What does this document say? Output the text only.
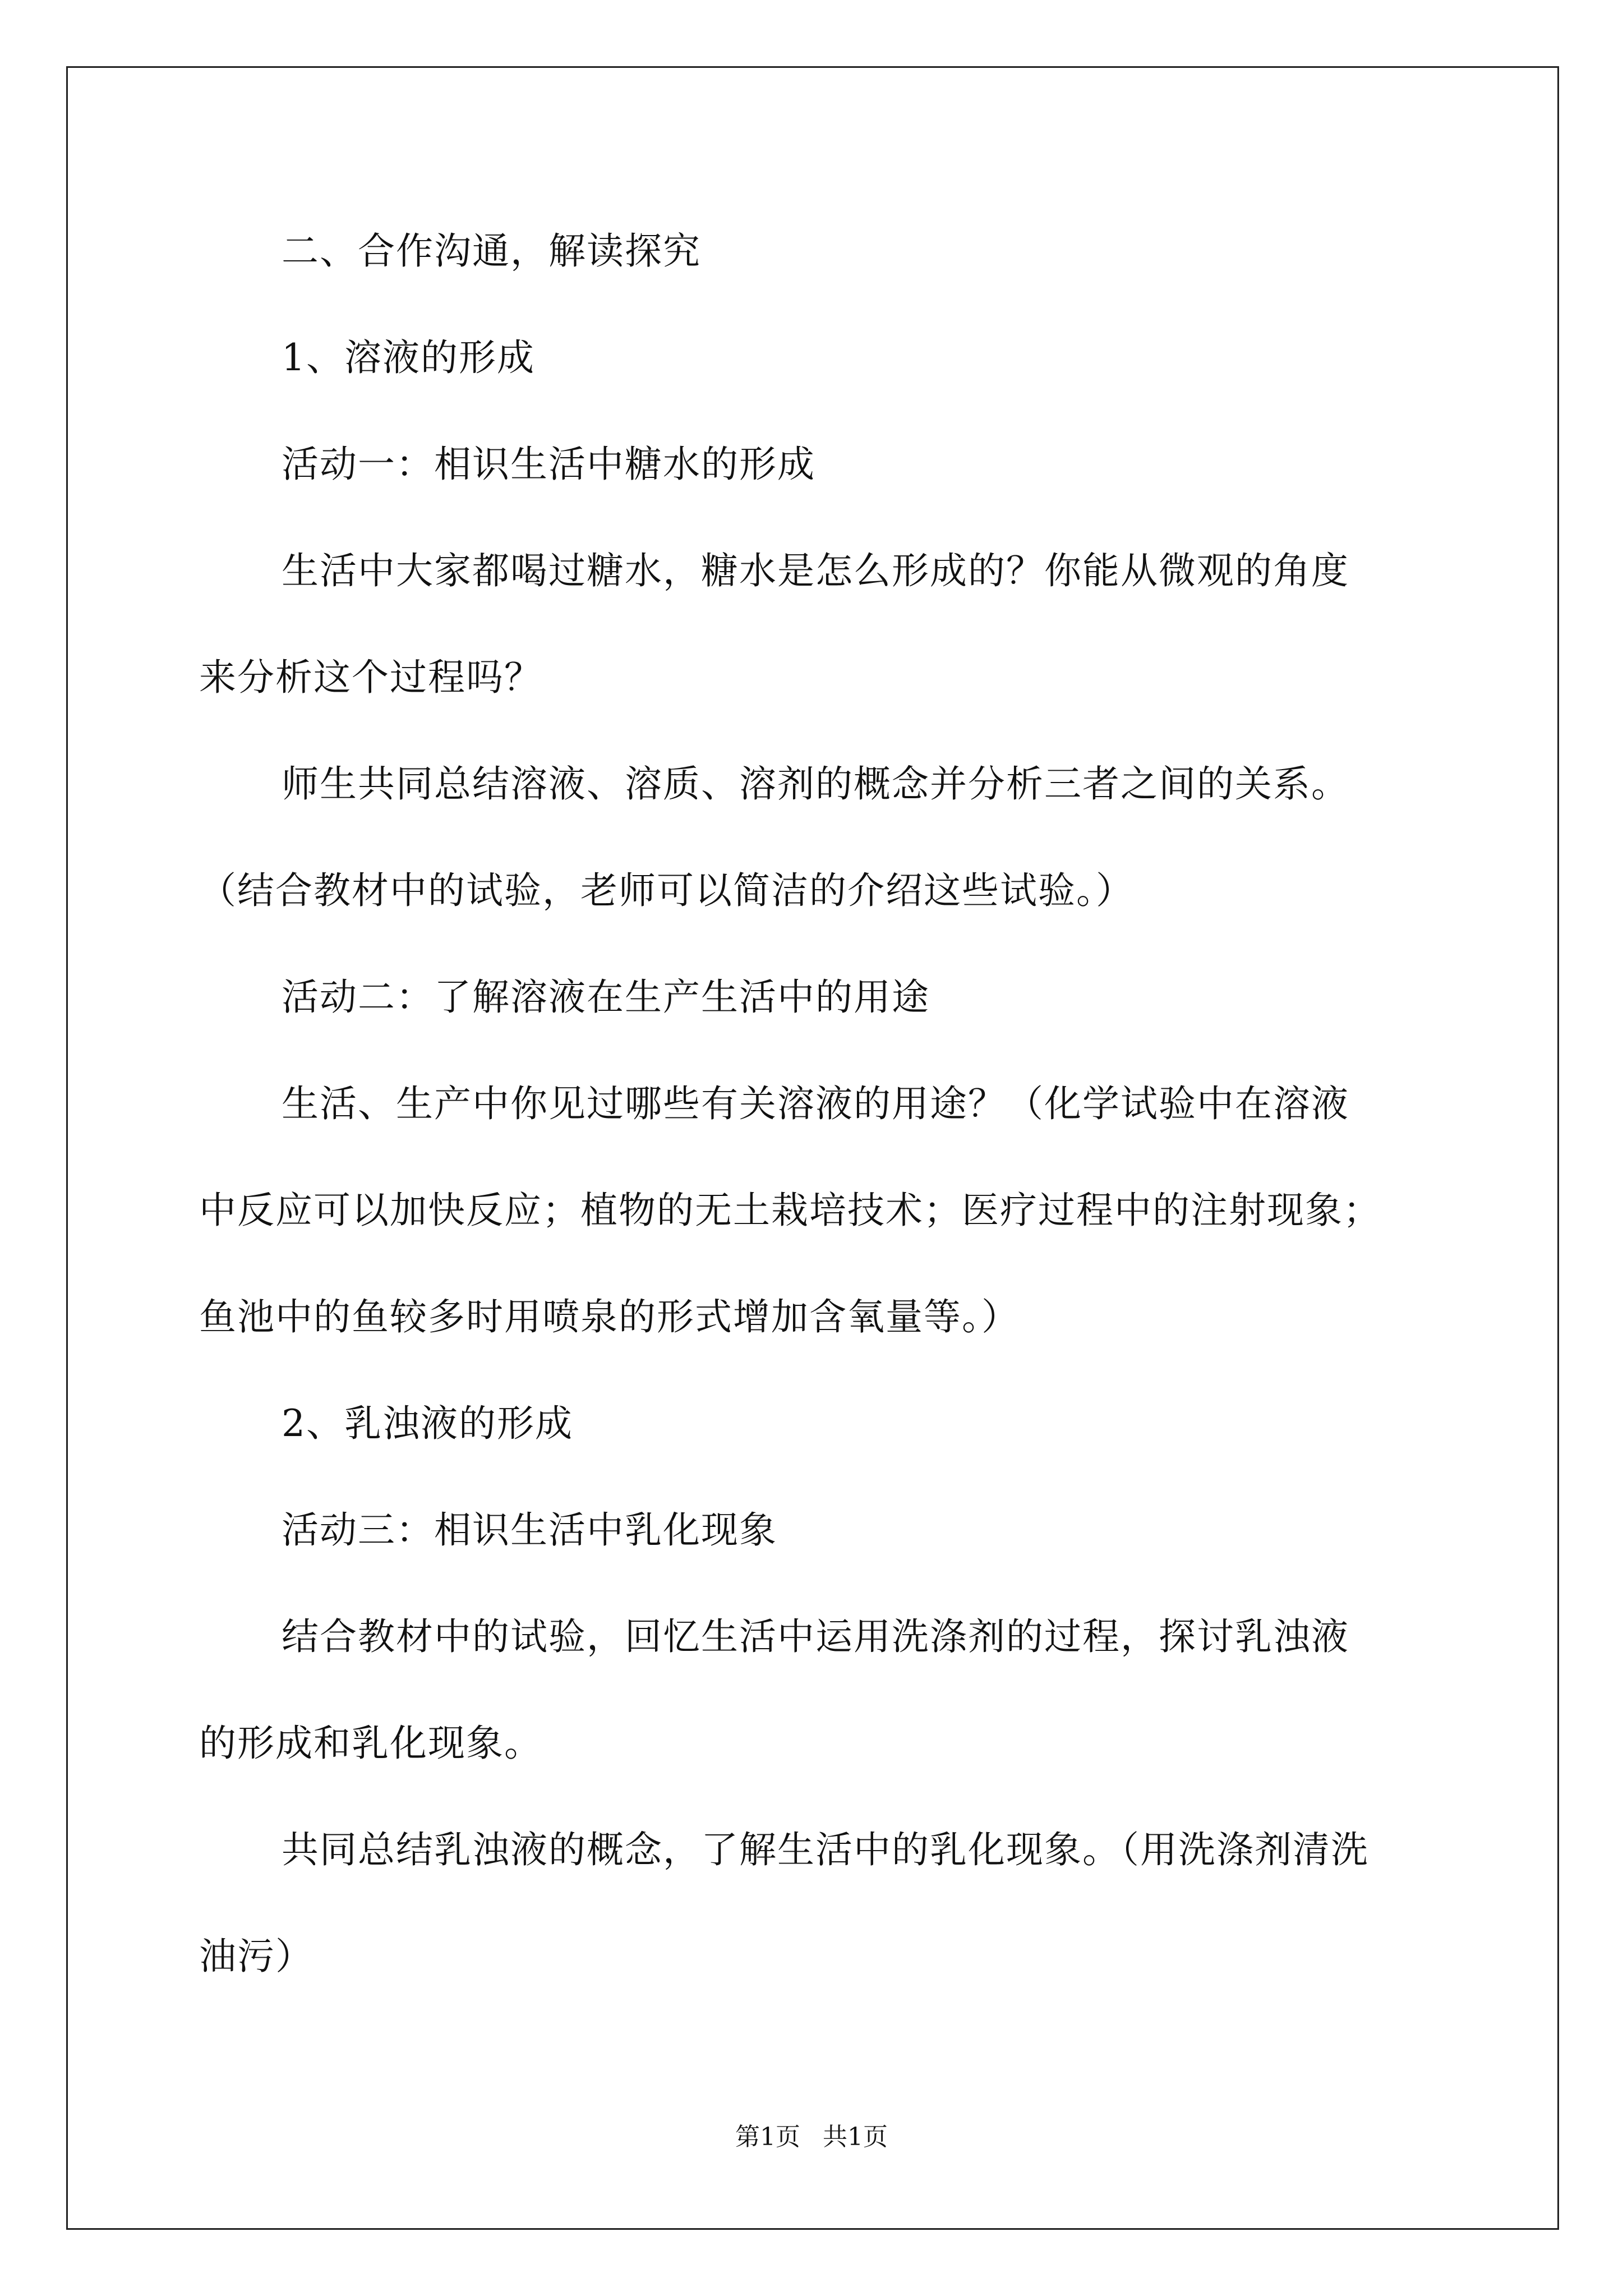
二、合作沟通，解读探究
1、溶液的形成
活动一：相识生活中糖水的形成
生活中大家都喝过糖水，糖水是怎么形成的？你能从微观的角度
来分析这个过程吗？
师生共同总结溶液、溶质、溶剂的概念并分析三者之间的关系。
（结合教材中的试验，老师可以简洁的介绍这些试验。）
活动二：了解溶液在生产生活中的用途
生活、生产中你见过哪些有关溶液的用途？（化学试验中在溶液
中反应可以加快反应；植物的无土栽培技术；医疗过程中的注射现象；
鱼池中的鱼较多时用喷泉的形式增加含氧量等。）
2、乳浊液的形成
活动三：相识生活中乳化现象
结合教材中的试验，回忆生活中运用洗涤剂的过程，探讨乳浊液
的形成和乳化现象。
共同总结乳浊液的概念，了解生活中的乳化现象。（用洗涤剂清洗
油污）
第1页 共1页
